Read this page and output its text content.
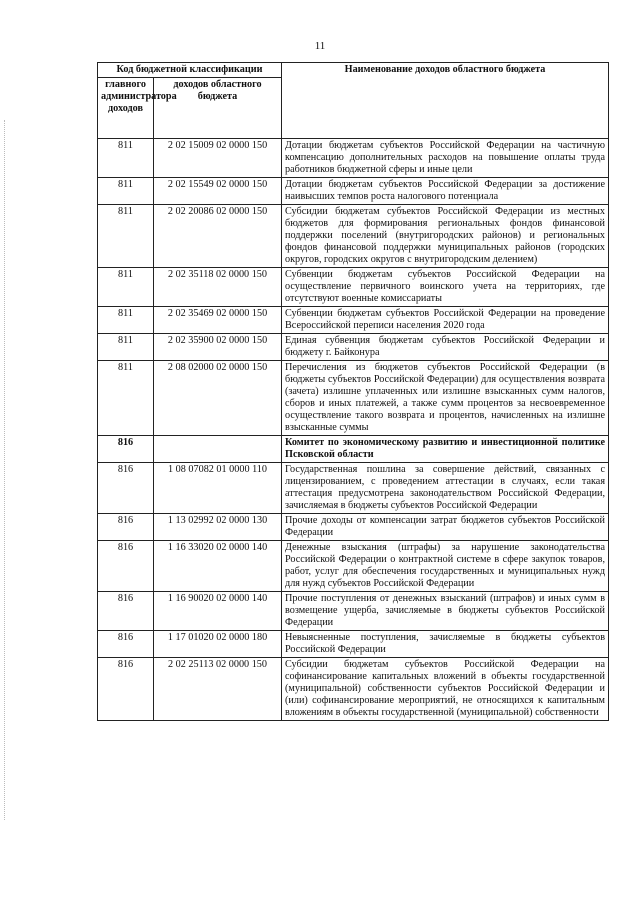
11
Код бюджетной классификации		Наименование доходов областного бюджета
главного администратора доходов	доходов областного бюджета	
811	2 02 15009 02 0000 150	Дотации бюджетам субъектов Российской Федерации на частичную компенсацию дополнительных расходов на повышение оплаты труда работников бюджетной сферы и иные цели
811	2 02 15549 02 0000 150	Дотации бюджетам субъектов Российской Федерации за достижение наивысших темпов роста налогового потенциала
811	2 02 20086 02 0000 150	Субсидии бюджетам субъектов Российской Федерации из местных бюджетов для формирования региональных фондов финансовой поддержки поселений (внутригородских районов) и региональных фондов финансовой поддержки муниципальных районов (городских округов, городских округов с внутригородским делением)
811	2 02 35118 02 0000 150	Субвенции бюджетам субъектов Российской Федерации на осуществление первичного воинского учета на территориях, где отсутствуют военные комиссариаты
811	2 02 35469 02 0000 150	Субвенции бюджетам субъектов Российской Федерации на проведение Всероссийской переписи населения 2020 года
811	2 02 35900 02 0000 150	Единая субвенция бюджетам субъектов Российской Федерации и бюджету г. Байконура
811	2 08 02000 02 0000 150	Перечисления из бюджетов субъектов Российской Федерации (в бюджеты субъектов Российской Федерации) для осуществления возврата (зачета) излишне уплаченных или излишне взысканных сумм налогов, сборов и иных платежей, а также сумм процентов за несвоевременное осуществление такого возврата и процентов, начисленных на излишне взысканные суммы
816		Комитет по экономическому развитию и инвестиционной политике Псковской области
816	1 08 07082 01 0000 110	Государственная пошлина за совершение действий, связанных с лицензированием, с проведением аттестации в случаях, если такая аттестация предусмотрена законодательством Российской Федерации, зачисляемая в бюджеты субъектов Российской Федерации
816	1 13 02992 02 0000 130	Прочие доходы от компенсации затрат бюджетов субъектов Российской Федерации
816	1 16 33020 02 0000 140	Денежные взыскания (штрафы) за нарушение законодательства Российской Федерации о контрактной системе в сфере закупок товаров, работ, услуг для обеспечения государственных и муниципальных нужд для нужд субъектов Российской Федерации
816	1 16 90020 02 0000 140	Прочие поступления от денежных взысканий (штрафов) и иных сумм в возмещение ущерба, зачисляемые в бюджеты субъектов Российской Федерации
816	1 17 01020 02 0000 180	Невыясненные поступления, зачисляемые в бюджеты субъектов Российской Федерации
816	2 02 25113 02 0000 150	Субсидии бюджетам субъектов Российской Федерации на софинансирование капитальных вложений в объекты государственной (муниципальной) собственности субъектов Российской Федерации и (или) софинансирование мероприятий, не относящихся к капитальным вложениям в объекты государственной (муниципальной) собственности
